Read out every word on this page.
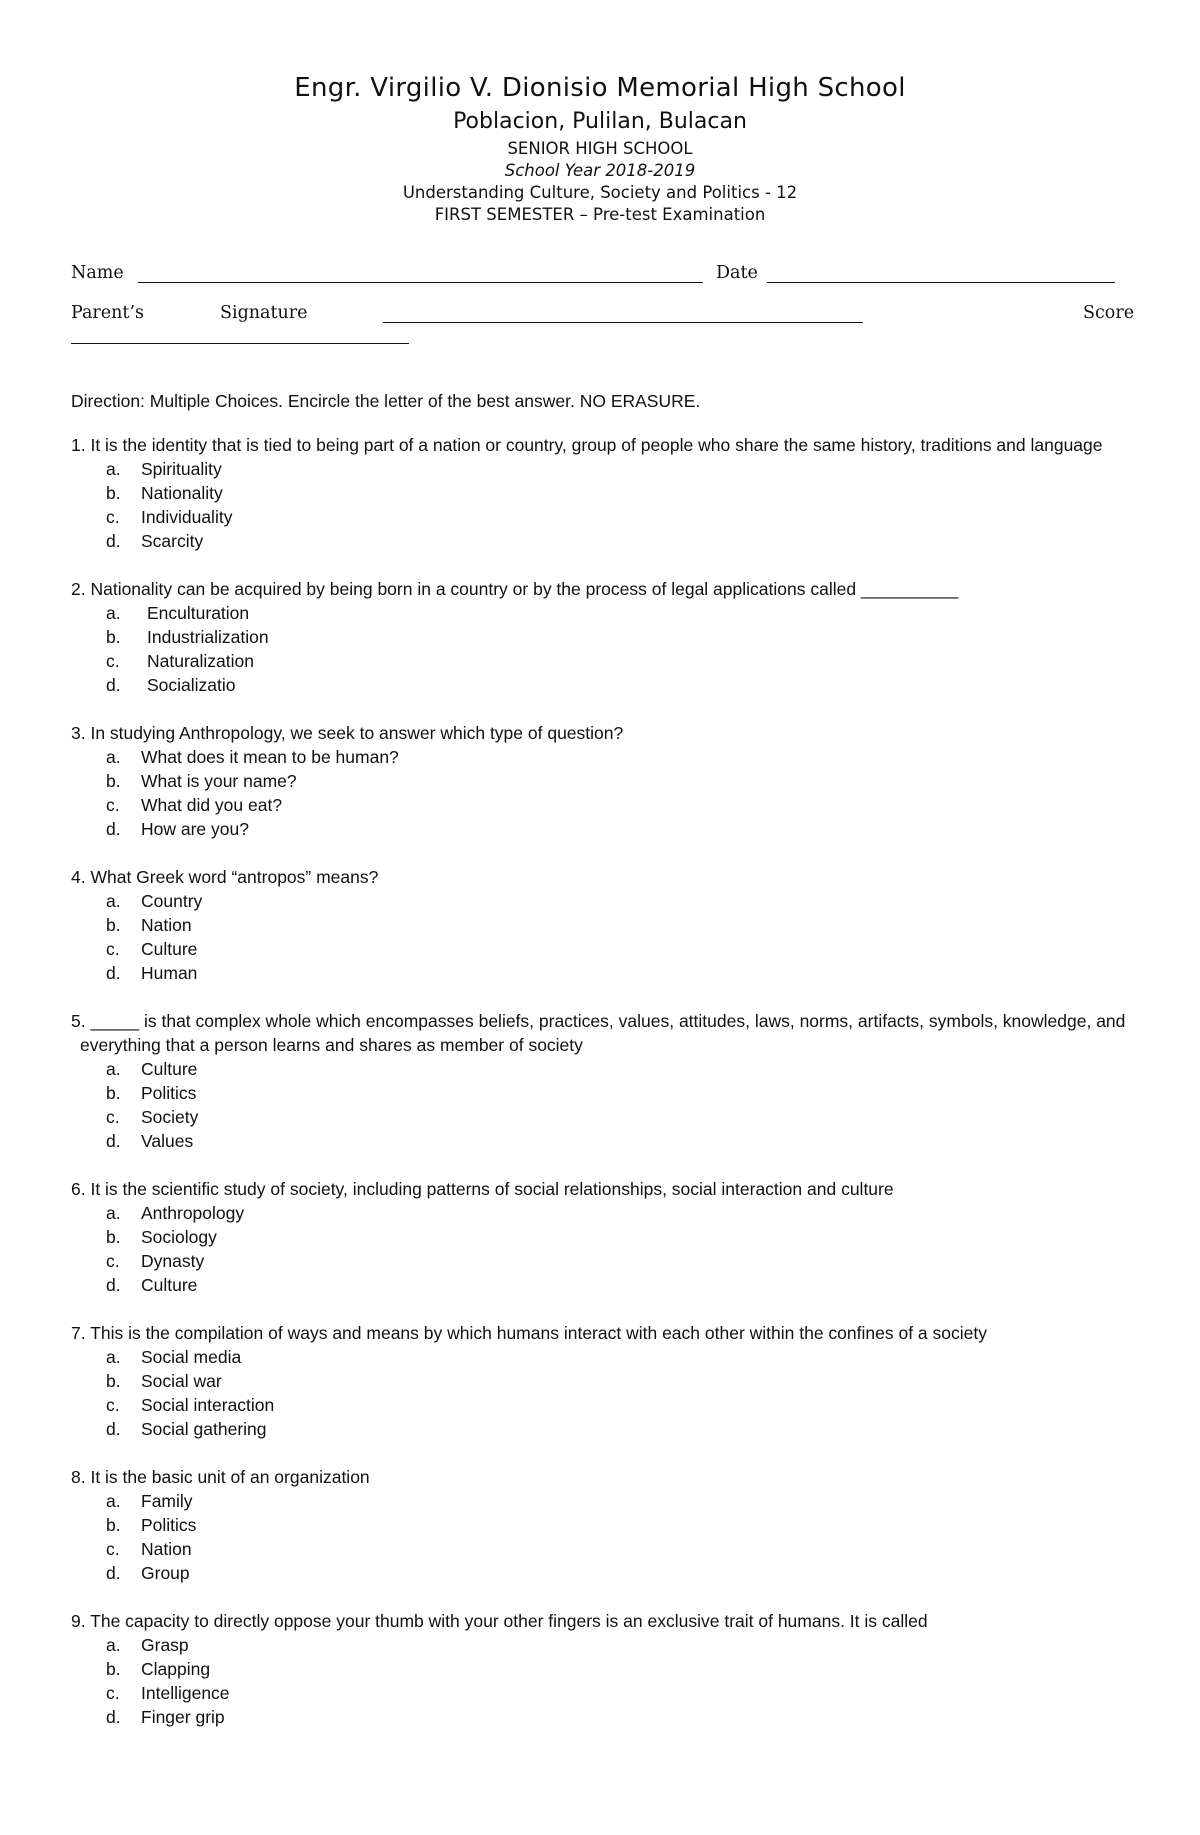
Engr. Virgilio V. Dionisio Memorial High School
Poblacion, Pulilan, Bulacan
SENIOR HIGH SCHOOL
School Year 2018-2019
Understanding Culture, Society and Politics - 12
FIRST SEMESTER – Pre-test Examination
Name	Date
Parent’s	Signature	Score
Direction: Multiple Choices. Encircle the letter of the best answer. NO ERASURE.
1. It is the identity that is tied to being part of a nation or country, group of people who share the same history, traditions and language
a.	Spirituality
b.	Nationality
c.	Individuality
d.	Scarcity
2. Nationality can be acquired by being born in a country or by the process of legal applications called __________
a.	Enculturation
b.	Industrialization
c.	Naturalization
d.	Socializatio
3. In studying Anthropology, we seek to answer which type of question?
a.	What does it mean to be human?
b.	What is your name?
c.	What did you eat?
d.	How are you?
4. What Greek word “antropos” means?
a.	Country
b.	Nation
c.	Culture
d.	Human
5. _____ is that complex whole which encompasses beliefs, practices, values, attitudes, laws, norms, artifacts, symbols, knowledge, and everything that a person learns and shares as member of society
a.	Culture
b.	Politics
c.	Society
d.	Values
6. It is the scientific study of society, including patterns of social relationships, social interaction and culture
a.	Anthropology
b.	Sociology
c.	Dynasty
d.	Culture
7. This is the compilation of ways and means by which humans interact with each other within the confines of a society
a.	Social media
b.	Social war
c.	Social interaction
d.	Social gathering
8. It is the basic unit of an organization
a.	Family
b.	Politics
c.	Nation
d.	Group
9. The capacity to directly oppose your thumb with your other fingers is an exclusive trait of humans. It is called
a.	Grasp
b.	Clapping
c.	Intelligence
d.	Finger grip
